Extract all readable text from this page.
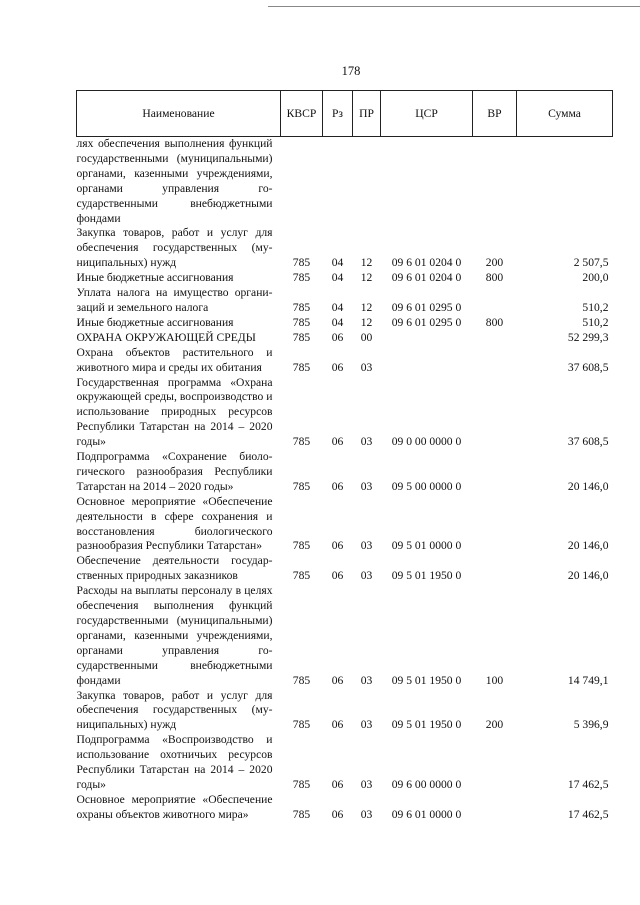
178
Наименование	КВСР	Рз	ПР	ЦСР	ВР	Сумма
лях обеспечения выполнения функций государственными (муниципальными) органами, казенными учреждениями, органами управления государственными внебюджетными фондами						
Закупка товаров, работ и услуг для обеспечения государственных (муниципальных) нужд	785	04	12	09 6 01 0204 0	200	2 507,5
Иные бюджетные ассигнования	785	04	12	09 6 01 0204 0	800	200,0
Уплата налога на имущество организаций и земельного налога	785	04	12	09 6 01 0295 0		510,2
Иные бюджетные ассигнования	785	04	12	09 6 01 0295 0	800	510,2
ОХРАНА ОКРУЖАЮЩЕЙ СРЕДЫ	785	06	00			52 299,3
Охрана объектов растительного и животного мира и среды их обитания	785	06	03			37 608,5
Государственная программа «Охрана окружающей среды, воспроизводство и использование природных ресурсов Республики Татарстан на 2014 – 2020 годы»	785	06	03	09 0 00 0000 0		37 608,5
Подпрограмма «Сохранение биологического разнообразия Республики Татарстан на 2014 – 2020 годы»	785	06	03	09 5 00 0000 0		20 146,0
Основное мероприятие «Обеспечение деятельности в сфере сохранения и восстановления биологического разнообразия Республики Татарстан»	785	06	03	09 5 01 0000 0		20 146,0
Обеспечение деятельности государственных природных заказников	785	06	03	09 5 01 1950 0		20 146,0
Расходы на выплаты персоналу в целях обеспечения выполнения функций государственными (муниципальными) органами, казенными учреждениями, органами управления государственными внебюджетными фондами	785	06	03	09 5 01 1950 0	100	14 749,1
Закупка товаров, работ и услуг для обеспечения государственных (муниципальных) нужд	785	06	03	09 5 01 1950 0	200	5 396,9
Подпрограмма «Воспроизводство и использование охотничьих ресурсов Республики Татарстан на 2014 – 2020 годы»	785	06	03	09 6 00 0000 0		17 462,5
Основное мероприятие «Обеспечение охраны объектов животного мира»	785	06	03	09 6 01 0000 0		17 462,5
